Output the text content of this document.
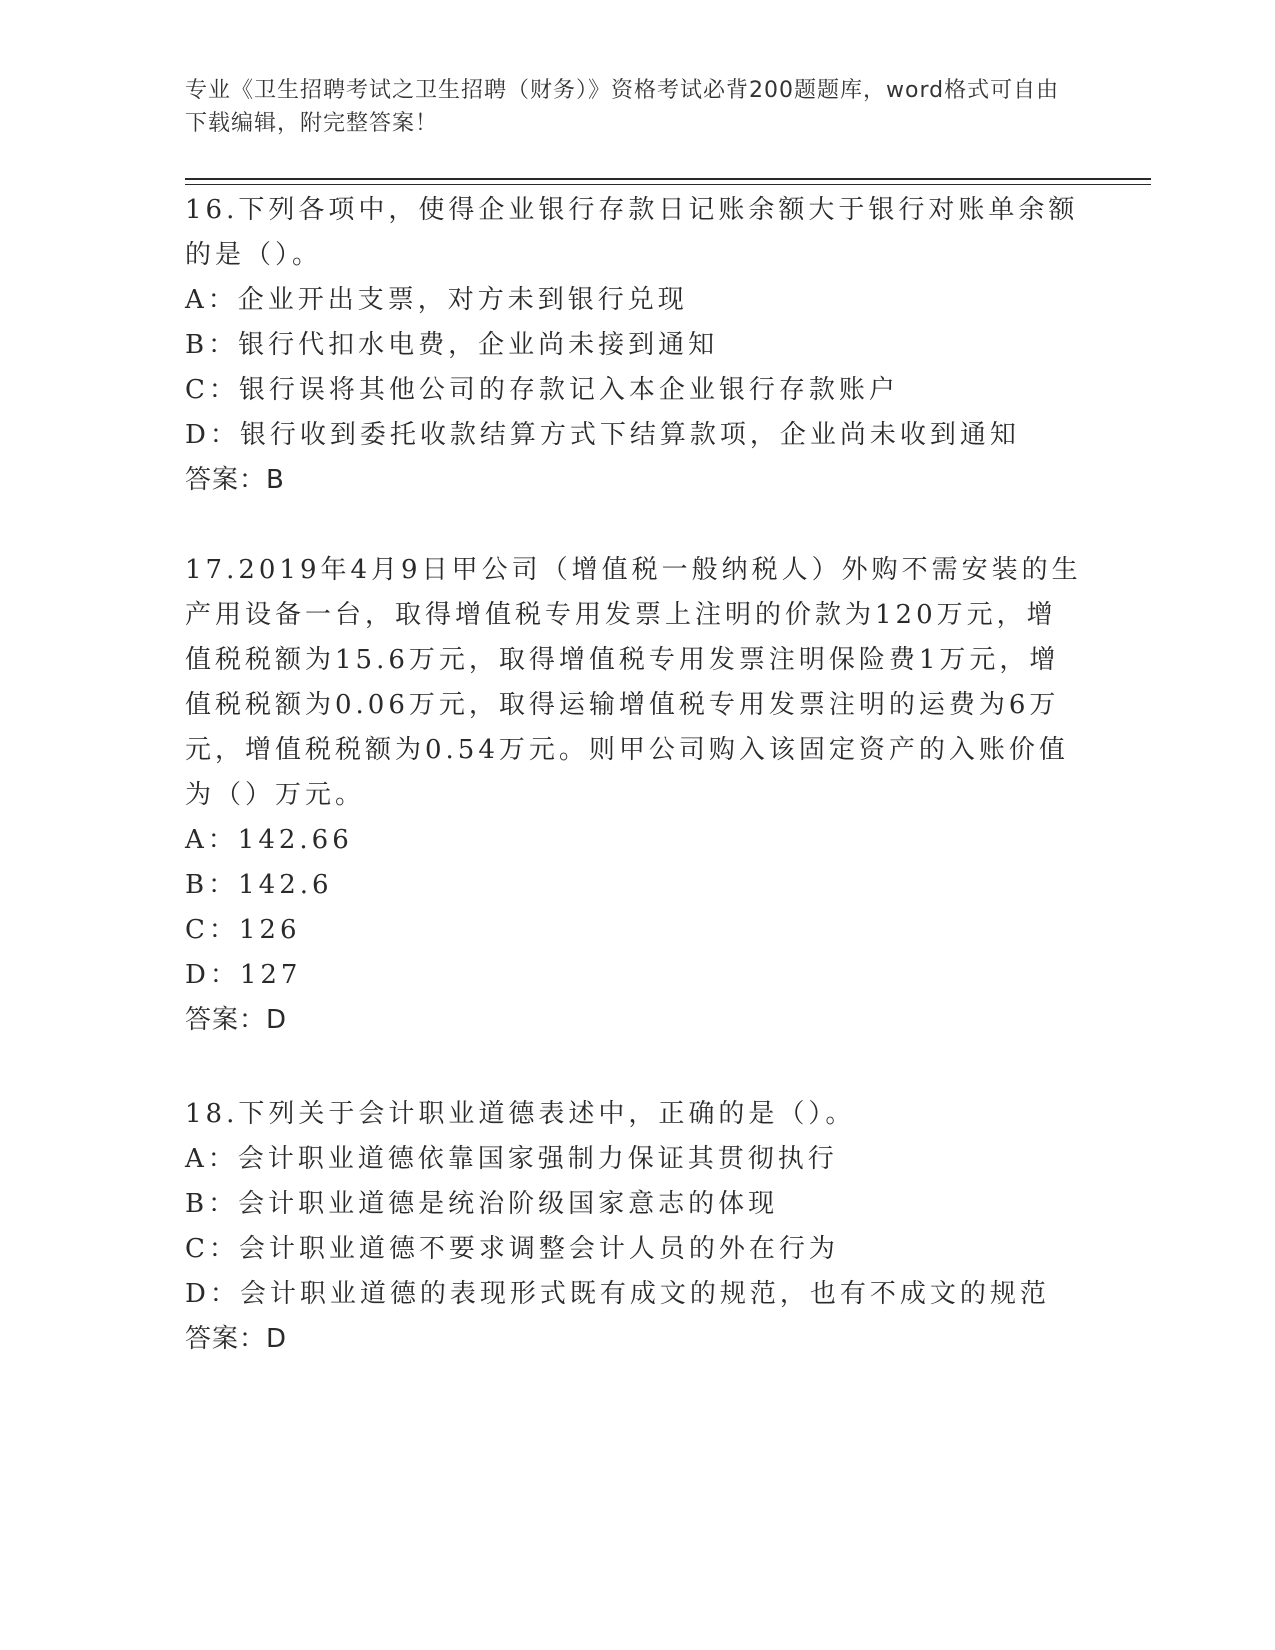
专业《卫生招聘考试之卫生招聘（财务）》资格考试必背200题题库，word格式可自由下载编辑，附完整答案！

16.下列各项中，使得企业银行存款日记账余额大于银行对账单余额的是（）。

A：企业开出支票，对方未到银行兑现

B：银行代扣水电费，企业尚未接到通知

C：银行误将其他公司的存款记入本企业银行存款账户

D：银行收到委托收款结算方式下结算款项，企业尚未收到通知

答案：B

17.2019年4月9日甲公司（增值税一般纳税人）外购不需安装的生产用设备一台，取得增值税专用发票上注明的价款为120万元，增值税税额为15.6万元，取得增值税专用发票注明保险费1万元，增值税税额为0.06万元，取得运输增值税专用发票注明的运费为6万元，增值税税额为0.54万元。则甲公司购入该固定资产的入账价值为（）万元。

A：142.66

B：142.6

C：126

D：127

答案：D

18.下列关于会计职业道德表述中，正确的是（）。

A：会计职业道德依靠国家强制力保证其贯彻执行

B：会计职业道德是统治阶级国家意志的体现

C：会计职业道德不要求调整会计人员的外在行为

D：会计职业道德的表现形式既有成文的规范，也有不成文的规范

答案：D
